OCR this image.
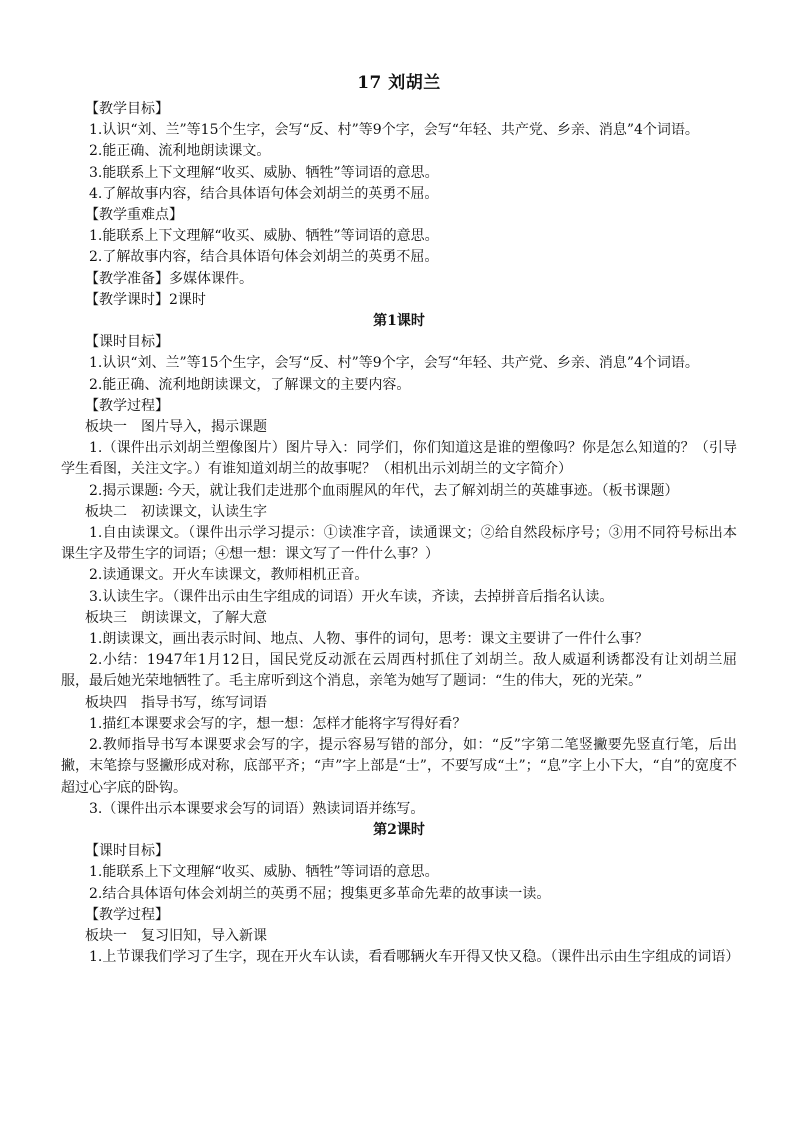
17 刘胡兰
【教学目标】
1.认识“刘、兰”等15个生字，会写“反、村”等9个字，会写“年轻、共产党、乡亲、消息”4个词语。
2.能正确、流利地朗读课文。
3.能联系上下文理解“收买、威胁、牺牲”等词语的意思。
4.了解故事内容，结合具体语句体会刘胡兰的英勇不屈。
【教学重难点】
1.能联系上下文理解“收买、威胁、牺牲”等词语的意思。
2.了解故事内容，结合具体语句体会刘胡兰的英勇不屈。
【教学准备】多媒体课件。
【教学课时】2课时
第1课时
【课时目标】
1.认识“刘、兰”等15个生字，会写“反、村”等9个字，会写“年轻、共产党、乡亲、消息”4个词语。
2.能正确、流利地朗读课文，了解课文的主要内容。
【教学过程】
板块一　图片导入，揭示课题
1.（课件出示刘胡兰塑像图片）图片导入：同学们，你们知道这是谁的塑像吗？你是怎么知道的？（引导学生看图，关注文字。）有谁知道刘胡兰的故事呢？（相机出示刘胡兰的文字简介）
2.揭示课题: 今天，就让我们走进那个血雨腥风的年代，去了解刘胡兰的英雄事迹。（板书课题）
板块二　初读课文，认读生字
1.自由读课文。（课件出示学习提示：①读准字音，读通课文；②给自然段标序号；③用不同符号标出本课生字及带生字的词语；④想一想：课文写了一件什么事？）
2.读通课文。开火车读课文，教师相机正音。
3.认读生字。（课件出示由生字组成的词语）开火车读，齐读，去掉拼音后指名认读。
板块三　朗读课文，了解大意
1.朗读课文，画出表示时间、地点、人物、事件的词句，思考：课文主要讲了一件什么事？
2.小结：1947年1月12日，国民党反动派在云周西村抓住了刘胡兰。敌人威逼利诱都没有让刘胡兰屈服，最后她光荣地牺牲了。毛主席听到这个消息，亲笔为她写了题词：“生的伟大，死的光荣。”
板块四　指导书写，练写词语
1.描红本课要求会写的字，想一想：怎样才能将字写得好看？
2.教师指导书写本课要求会写的字，提示容易写错的部分，如：“反”字第二笔竖撇要先竖直行笔，后出撇，末笔捺与竖撇形成对称，底部平齐；“声”字上部是“士”，不要写成“土”；“息”字上小下大，“自”的宽度不超过心字底的卧钩。
3.（课件出示本课要求会写的词语）熟读词语并练写。
第2课时
【课时目标】
1.能联系上下文理解“收买、威胁、牺牲”等词语的意思。
2.结合具体语句体会刘胡兰的英勇不屈；搜集更多革命先辈的故事读一读。
【教学过程】
板块一　复习旧知，导入新课
1.上节课我们学习了生字，现在开火车认读，看看哪辆火车开得又快又稳。（课件出示由生字组成的词语）
